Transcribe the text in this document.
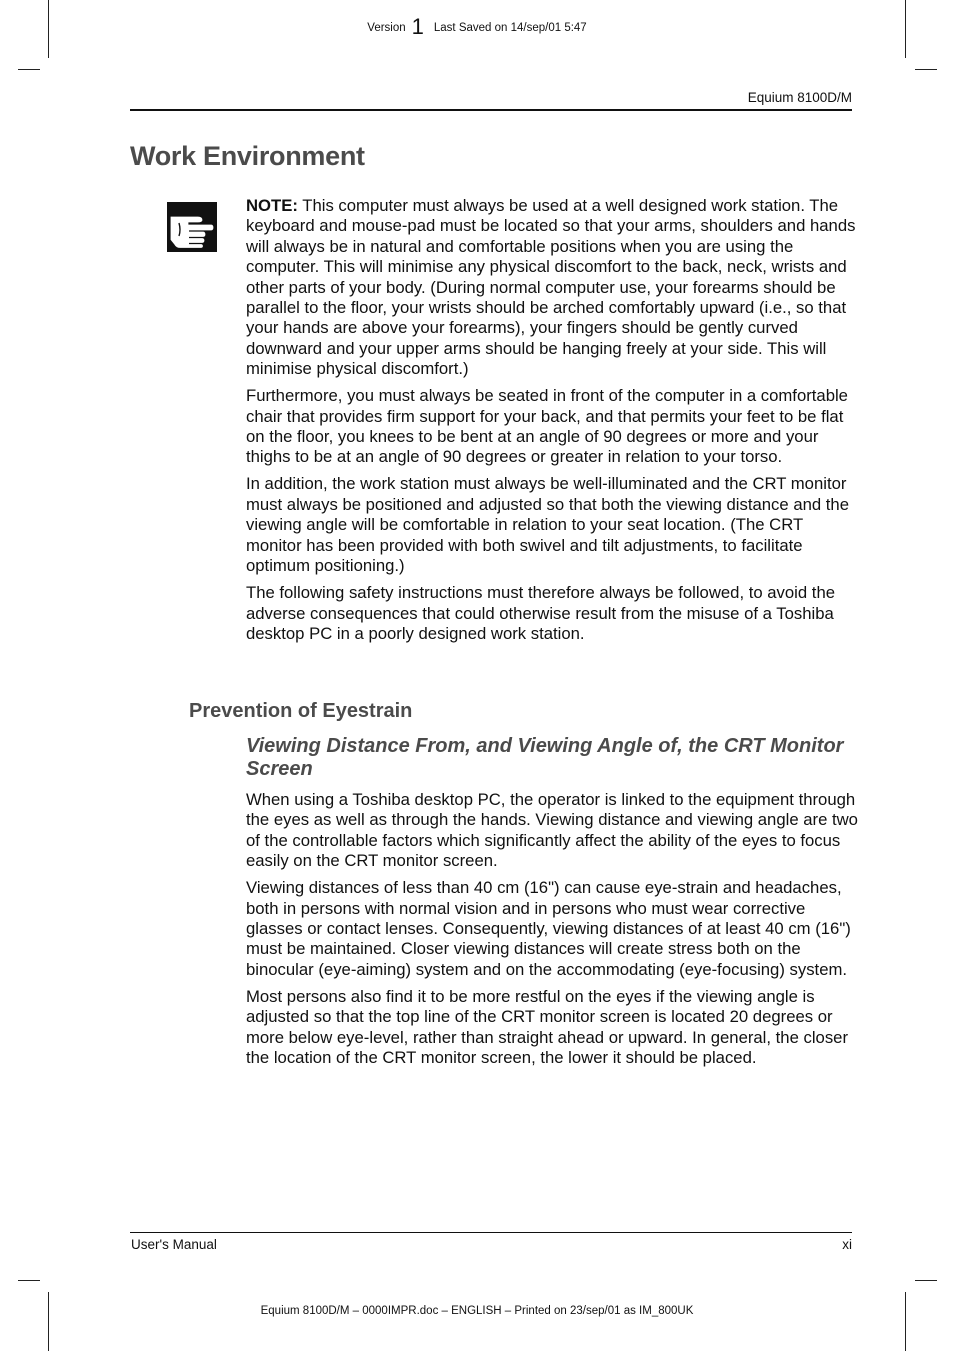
Version 1 Last Saved on 14/sep/01 5:47
Equium 8100D/M
Work Environment

NOTE: This computer must always be used at a well designed work station. The keyboard and mouse-pad must be located so that your arms, shoulders and hands will always be in natural and comfortable positions when you are using the computer. This will minimise any physical discomfort to the back, neck, wrists and other parts of your body. (During normal computer use, your forearms should be parallel to the floor, your wrists should be arched comfortably upward (i.e., so that your hands are above your forearms), your fingers should be gently curved downward and your upper arms should be hanging freely at your side. This will minimise physical discomfort.)

Furthermore, you must always be seated in front of the computer in a comfortable chair that provides firm support for your back, and that permits your feet to be flat on the floor, you knees to be bent at an angle of 90 degrees or more and your thighs to be at an angle of 90 degrees or greater in relation to your torso.

In addition, the work station must always be well-illuminated and the CRT monitor must always be positioned and adjusted so that both the viewing distance and the viewing angle will be comfortable in relation to your seat location. (The CRT monitor has been provided with both swivel and tilt adjustments, to facilitate optimum positioning.)

The following safety instructions must therefore always be followed, to avoid the adverse consequences that could otherwise result from the misuse of a Toshiba desktop PC in a poorly designed work station.

Prevention of Eyestrain
Viewing Distance From, and Viewing Angle of, the CRT Monitor Screen

When using a Toshiba desktop PC, the operator is linked to the equipment through the eyes as well as through the hands. Viewing distance and viewing angle are two of the controllable factors which significantly affect the ability of the eyes to focus easily on the CRT monitor screen.

Viewing distances of less than 40 cm (16") can cause eye-strain and headaches, both in persons with normal vision and in persons who must wear corrective glasses or contact lenses. Consequently, viewing distances of at least 40 cm (16") must be maintained. Closer viewing distances will create stress both on the binocular (eye-aiming) system and on the accommodating (eye-focusing) system.

Most persons also find it to be more restful on the eyes if the viewing angle is adjusted so that the top line of the CRT monitor screen is located 20 degrees or more below eye-level, rather than straight ahead or upward. In general, the closer the location of the CRT monitor screen, the lower it should be placed.

User's Manual	xi
Equium 8100D/M – 0000IMPR.doc – ENGLISH – Printed on 23/sep/01 as IM_800UK
